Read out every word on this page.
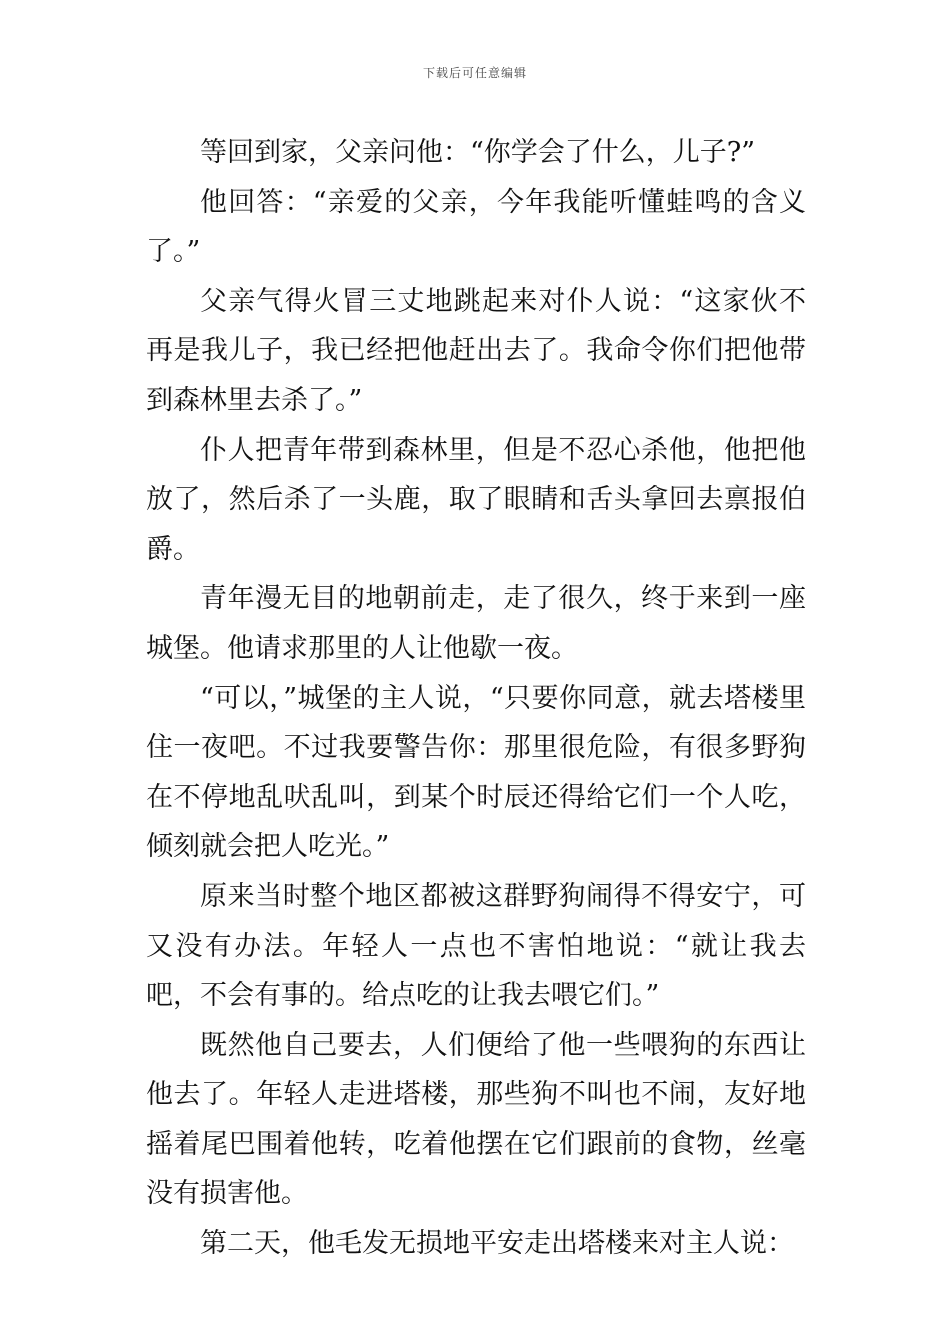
下载后可任意编辑

等回到家，父亲问他：“你学会了什么，儿子?”

他回答：“亲爱的父亲，今年我能听懂蛙鸣的含义了。”

父亲气得火冒三丈地跳起来对仆人说：“这家伙不再是我儿子，我已经把他赶出去了。我命令你们把他带到森林里去杀了。”

仆人把青年带到森林里，但是不忍心杀他，他把他放了，然后杀了一头鹿，取了眼睛和舌头拿回去禀报伯爵。

青年漫无目的地朝前走，走了很久，终于来到一座城堡。他请求那里的人让他歇一夜。

“可以，”城堡的主人说，“只要你同意，就去塔楼里住一夜吧。不过我要警告你：那里很危险，有很多野狗在不停地乱吠乱叫，到某个时辰还得给它们一个人吃，倾刻就会把人吃光。”

原来当时整个地区都被这群野狗闹得不得安宁，可又没有办法。年轻人一点也不害怕地说：“就让我去吧，不会有事的。给点吃的让我去喂它们。”

既然他自己要去，人们便给了他一些喂狗的东西让他去了。年轻人走进塔楼，那些狗不叫也不闹，友好地摇着尾巴围着他转，吃着他摆在它们跟前的食物，丝毫没有损害他。

第二天，他毛发无损地平安走出塔楼来对主人说：
